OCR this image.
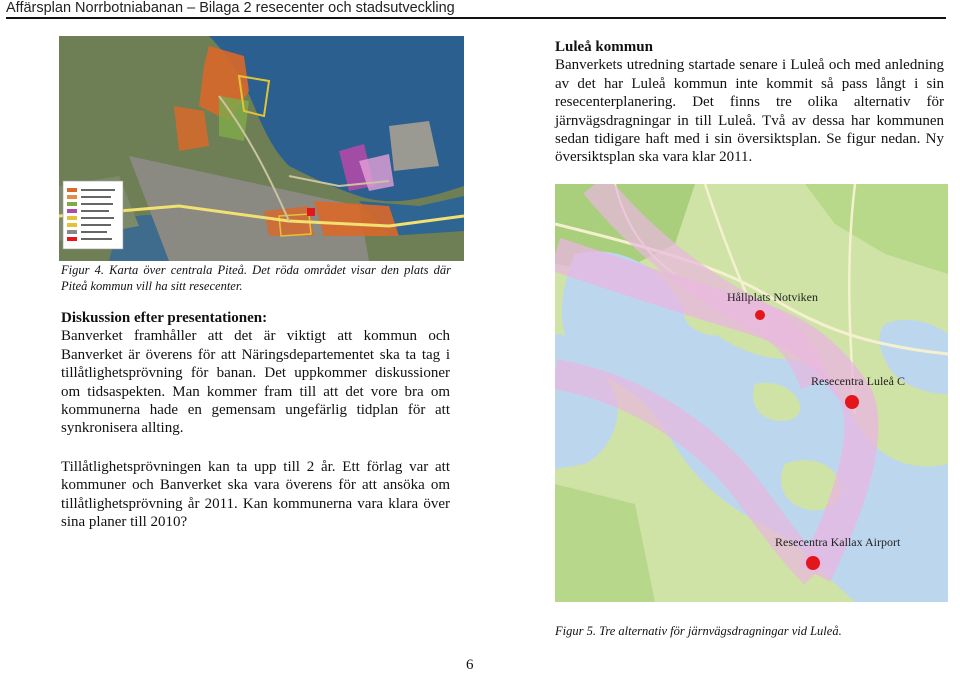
Affärsplan Norrbotniabanan – Bilaga 2 resecenter och stadsutveckling
Figur 4. Karta över centrala Piteå. Det röda området visar den plats där Piteå kommun vill ha sitt resecenter.
Luleå kommun
Banverkets utredning startade senare i Luleå och med anledning av det har Luleå kommun inte kommit så pass långt i sin resecenterplanering. Det finns tre olika alternativ för järnvägsdragningar in till Luleå. Två av dessa har kommunen sedan tidigare haft med i sin översiktsplan. Se figur nedan. Ny översiktsplan ska vara klar 2011.
Hållplats Notviken
Resecentra Luleå C
Resecentra Kallax Airport
Figur 5. Tre alternativ för järnvägsdragningar vid Luleå.
Diskussion efter presentationen:
Banverket framhåller att det är viktigt att kommun och Banverket är överens för att Näringsdepartementet ska ta tag i tillåtlighetsprövning för banan. Det uppkommer diskussioner om tidsaspekten. Man kommer fram till att det vore bra om kommunerna hade en gemensam ungefärlig tidplan för att synkronisera allting.
Tillåtlighetsprövningen kan ta upp till 2 år. Ett förlag var att kommuner och Banverket ska vara överens för att ansöka om tillåtlighetsprövning år 2011. Kan kommunerna vara klara över sina planer till 2010?
6
